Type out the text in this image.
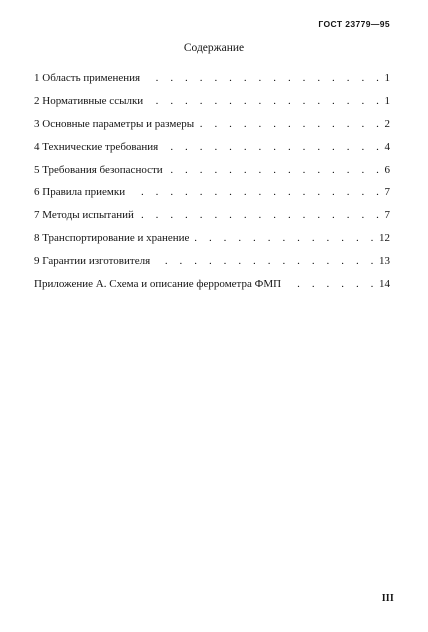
ГОСТ 23779—95
Содержание
1 Область применения . . .	1
2 Нормативные ссылки . . .	1
3 Основные параметры и размеры . . .	2
4 Технические требования . . .	4
5 Требования безопасности . . .	6
6 Правила приемки . . .	7
7 Методы испытаний . . .	7
8 Транспортирование и хранение . . .	12
9 Гарантии изготовителя . . .	13
Приложение А. Схема и описание феррометра ФМП . . .	14
III
